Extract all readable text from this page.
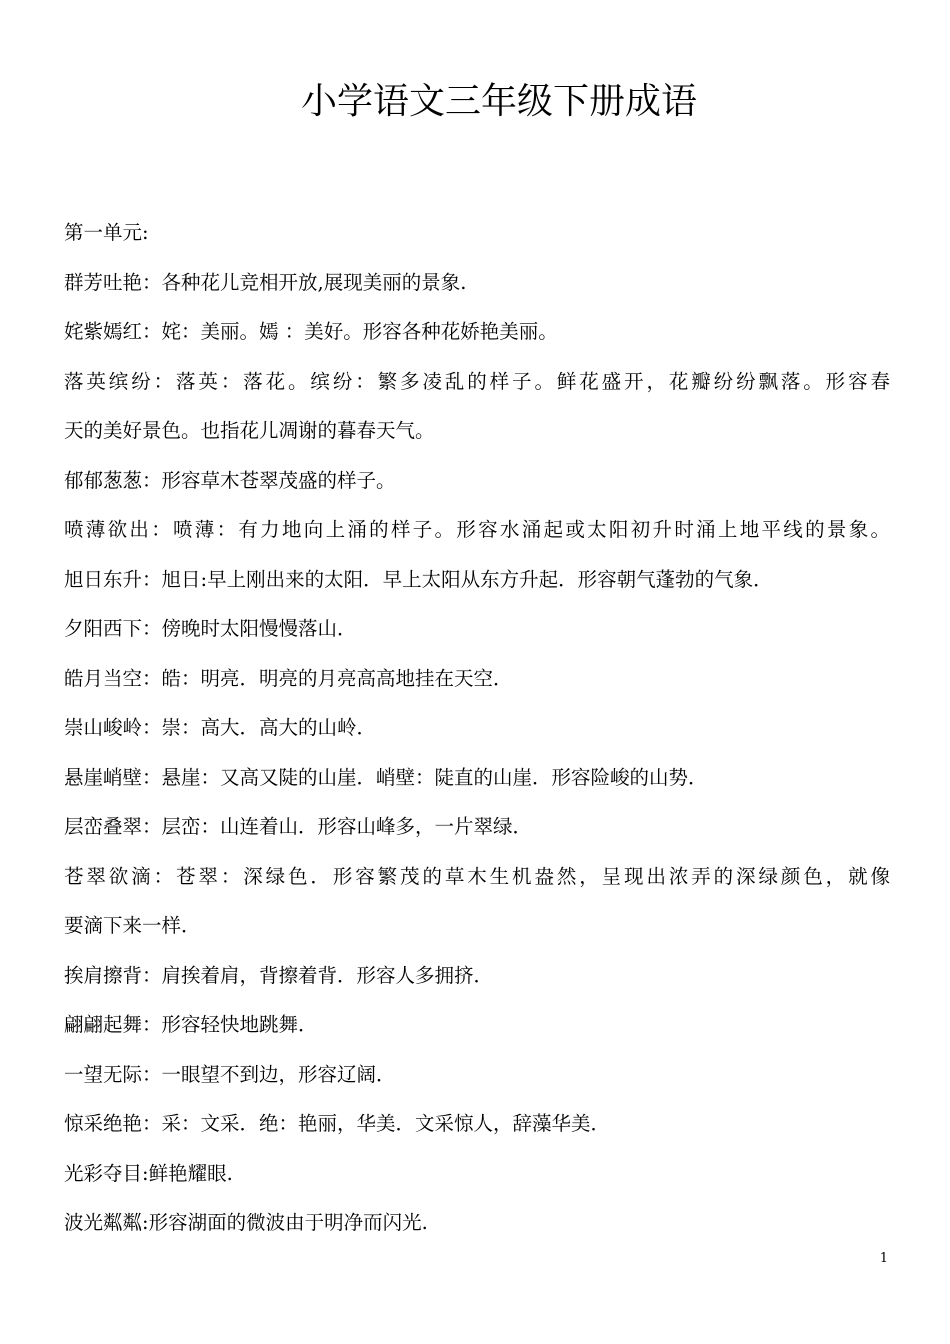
小学语文三年级下册成语
第一单元:
群芳吐艳：各种花儿竞相开放,展现美丽的景象.
姹紫嫣红：姹：美丽。嫣 ：美好。形容各种花娇艳美丽。
落英缤纷：落英：落花。缤纷：繁多凌乱的样子。鲜花盛开，花瓣纷纷飘落。形容春
天的美好景色。也指花儿凋谢的暮春天气。
郁郁葱葱：形容草木苍翠茂盛的样子。
喷薄欲出：喷薄：有力地向上涌的样子。形容水涌起或太阳初升时涌上地平线的景象。
旭日东升：旭日:早上刚出来的太阳．早上太阳从东方升起．形容朝气蓬勃的气象．
夕阳西下：傍晚时太阳慢慢落山．
皓月当空：皓：明亮．明亮的月亮高高地挂在天空．
崇山峻岭：崇：高大．高大的山岭．
悬崖峭壁：悬崖：又高又陡的山崖．峭壁：陡直的山崖．形容险峻的山势．
层峦叠翠：层峦：山连着山．形容山峰多，一片翠绿．
苍翠欲滴：苍翠：深绿色．形容繁茂的草木生机盎然，呈现出浓弄的深绿颜色，就像
要滴下来一样．
挨肩擦背：肩挨着肩，背擦着背．形容人多拥挤．
翩翩起舞：形容轻快地跳舞．
一望无际：一眼望不到边，形容辽阔．
惊采绝艳：采：文采．绝：艳丽，华美．文采惊人，辞藻华美．
光彩夺目:鲜艳耀眼.
波光粼粼:形容湖面的微波由于明净而闪光.
1
